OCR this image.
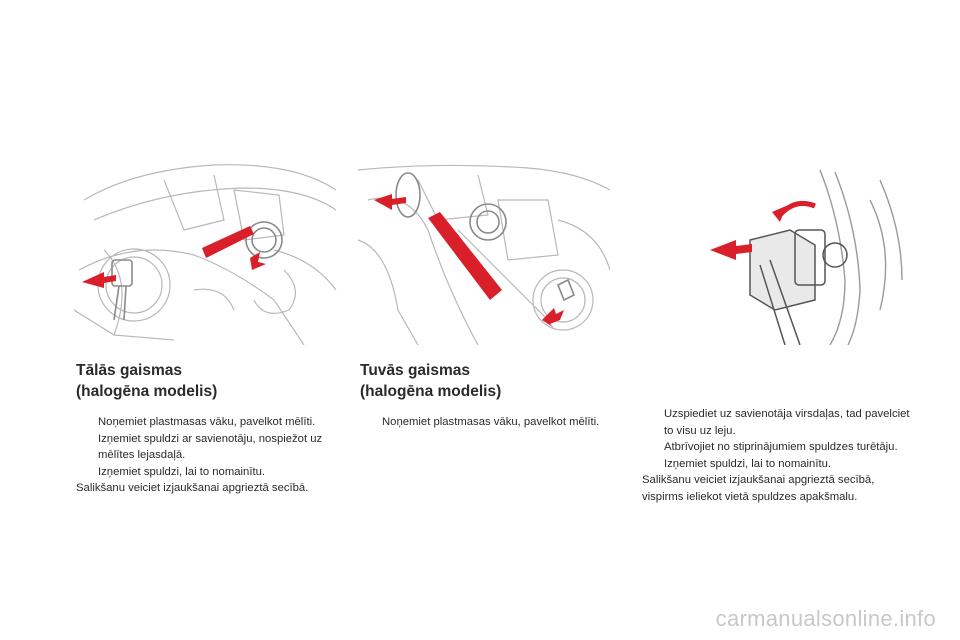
Tālās gaismas
(halogēna modelis)
Noņemiet plastmasas vāku, pavelkot mēlīti.
Izņemiet spuldzi ar savienotāju, nospiežot uz mēlītes lejasdaļā.
Izņemiet spuldzi, lai to nomainītu.

Salikšanu veiciet izjaukšanai apgrieztā secībā.

Tuvās gaismas
(halogēna modelis)
Noņemiet plastmasas vāku, pavelkot mēlīti.
Uzspiediet uz savienotāja virsdaļas, tad pavelciet to visu uz leju.
Atbrīvojiet no stiprinājumiem spuldzes turētāju.
Izņemiet spuldzi, lai to nomainītu.

Salikšanu veiciet izjaukšanai apgrieztā secībā, vispirms ieliekot vietā spuldzes apakšmalu.

carmanualsonline.info
